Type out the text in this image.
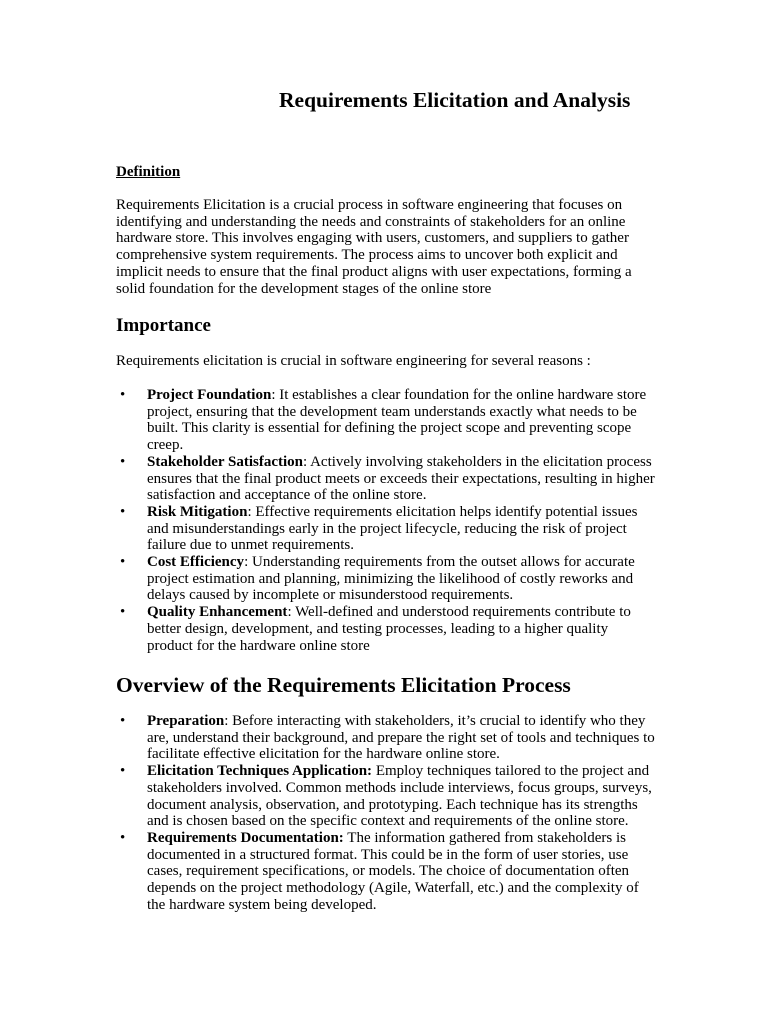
Requirements Elicitation and Analysis
Definition

Requirements Elicitation is a crucial process in software engineering that focuses on identifying and understanding the needs and constraints of stakeholders for an online hardware store. This involves engaging with users, customers, and suppliers to gather comprehensive system requirements. The process aims to uncover both explicit and implicit needs to ensure that the final product aligns with user expectations, forming a solid foundation for the development stages of the online store

Importance

Requirements elicitation is crucial in software engineering for several reasons :

• Project Foundation: It establishes a clear foundation for the online hardware store project, ensuring that the development team understands exactly what needs to be built. This clarity is essential for defining the project scope and preventing scope creep.
• Stakeholder Satisfaction: Actively involving stakeholders in the elicitation process ensures that the final product meets or exceeds their expectations, resulting in higher satisfaction and acceptance of the online store.
• Risk Mitigation: Effective requirements elicitation helps identify potential issues and misunderstandings early in the project lifecycle, reducing the risk of project failure due to unmet requirements.
• Cost Efficiency: Understanding requirements from the outset allows for accurate project estimation and planning, minimizing the likelihood of costly reworks and delays caused by incomplete or misunderstood requirements.
• Quality Enhancement: Well-defined and understood requirements contribute to better design, development, and testing processes, leading to a higher quality product for the hardware online store
Overview of the Requirements Elicitation Process
• Preparation: Before interacting with stakeholders, it’s crucial to identify who they are, understand their background, and prepare the right set of tools and techniques to facilitate effective elicitation for the hardware online store.
• Elicitation Techniques Application: Employ techniques tailored to the project and stakeholders involved. Common methods include interviews, focus groups, surveys, document analysis, observation, and prototyping. Each technique has its strengths and is chosen based on the specific context and requirements of the online store.
• Requirements Documentation: The information gathered from stakeholders is documented in a structured format. This could be in the form of user stories, use cases, requirement specifications, or models. The choice of documentation often depends on the project methodology (Agile, Waterfall, etc.) and the complexity of the hardware system being developed.
